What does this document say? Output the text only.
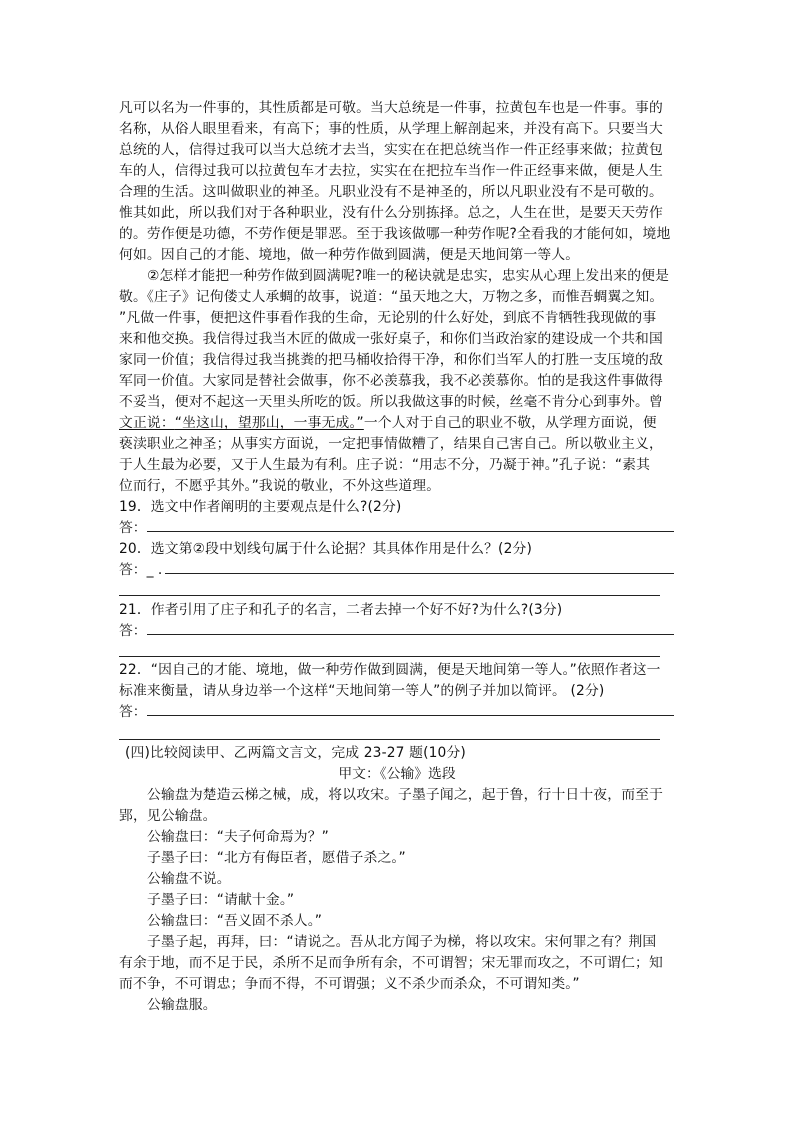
凡可以名为一件事的，其性质都是可敬。当大总统是一件事，拉黄包车也是一件事。事的
名称，从俗人眼里看来，有高下；事的性质，从学理上解剖起来，并没有高下。只要当大
总统的人，信得过我可以当大总统才去当，实实在在把总统当作一件正经事来做；拉黄包
车的人，信得过我可以拉黄包车才去拉，实实在在把拉车当作一件正经事来做，便是人生
合理的生活。这叫做职业的神圣。凡职业没有不是神圣的，所以凡职业没有不是可敬的。
惟其如此，所以我们对于各种职业，没有什么分别拣择。总之，人生在世，是要天天劳作
的。劳作便是功德，不劳作便是罪恶。至于我该做哪一种劳作呢?全看我的才能何如，境地
何如。因自己的才能、境地，做一种劳作做到圆满，便是天地间第一等人。
②怎样才能把一种劳作做到圆满呢?唯一的秘诀就是忠实，忠实从心理上发出来的便是
敬。《庄子》记佝偻丈人承蜩的故事，说道：“虽天地之大，万物之多，而惟吾蜩翼之知。
”凡做一件事，便把这件事看作我的生命，无论别的什么好处，到底不肯牺牲我现做的事
来和他交换。我信得过我当木匠的做成一张好桌子，和你们当政治家的建设成一个共和国
家同一价值；我信得过我当挑粪的把马桶收拾得干净，和你们当军人的打胜一支压境的敌
军同一价值。大家同是替社会做事，你不必羡慕我，我不必羡慕你。怕的是我这件事做得
不妥当，便对不起这一天里头所吃的饭。所以我做这事的时候，丝毫不肯分心到事外。曾
文正说：“坐这山，望那山，一事无成。”一个人对于自己的职业不敬，从学理方面说，便
亵渎职业之神圣；从事实方面说，一定把事情做糟了，结果自己害自己。所以敬业主义，
于人生最为必要，又于人生最为有利。庄子说：“用志不分，乃凝于神。”孔子说：“素其
位而行，不愿乎其外。”我说的敬业，不外这些道理。
19．选文中作者阐明的主要观点是什么?(2分)
答：
20．选文第②段中划线句属于什么论据？其具体作用是什么？(2分)
答：_ .
21．作者引用了庄子和孔子的名言，二者去掉一个好不好?为什么?(3分)
答：
22．“因自己的才能、境地，做一种劳作做到圆满，便是天地间第一等人。”依照作者这一
标准来衡量，请从身边举一个这样“天地间第一等人”的例子并加以简评。 (2分)
答：
(四)比较阅读甲、乙两篇文言文，完成 23-27 题(10分)
甲文：《公输》选段
公输盘为楚造云梯之械，成，将以攻宋。子墨子闻之，起于鲁，行十日十夜，而至于
郢，见公输盘。
公输盘曰：“夫子何命焉为？”
子墨子曰：“北方有侮臣者，愿借子杀之。”
公输盘不说。
子墨子曰：“请献十金。”
公输盘曰：“吾义固不杀人。”
子墨子起，再拜，曰：“请说之。吾从北方闻子为梯，将以攻宋。宋何罪之有？荆国
有余于地，而不足于民，杀所不足而争所有余，不可谓智；宋无罪而攻之，不可谓仁；知
而不争，不可谓忠；争而不得，不可谓强；义不杀少而杀众，不可谓知类。”
公输盘服。
